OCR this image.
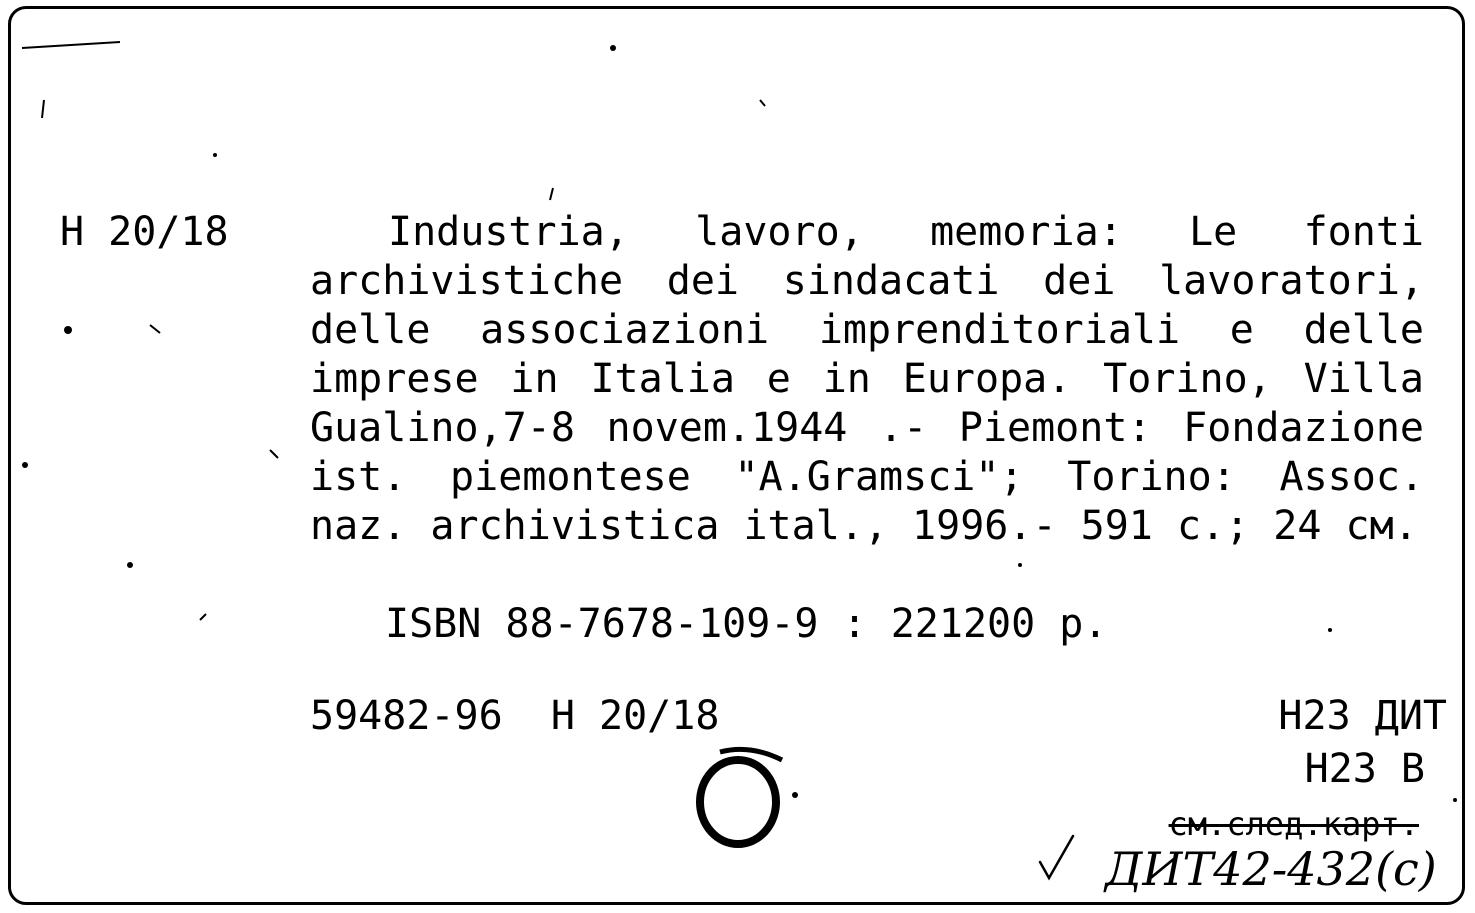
H 20/18	Industria, lavoro, memoria: Le fonti archivistiche dei sindacati dei lavoratori, delle associazioni imprenditoriali e delle imprese in Italia e in Europa. Torino, Villa Gualino,7-8 novem.1944 .- Piemont: Fondazione ist. piemontese "A.Gramsci"; Torino: Assoc. naz. archivistica ital., 1996.- 591 c.; 24 см.
ISBN 88-7678-109-9 : 221200 р.
59482-96  H 20/18	H23 ДИТ
H23 В
см.след.карт.
ДИТ42-432(с)
